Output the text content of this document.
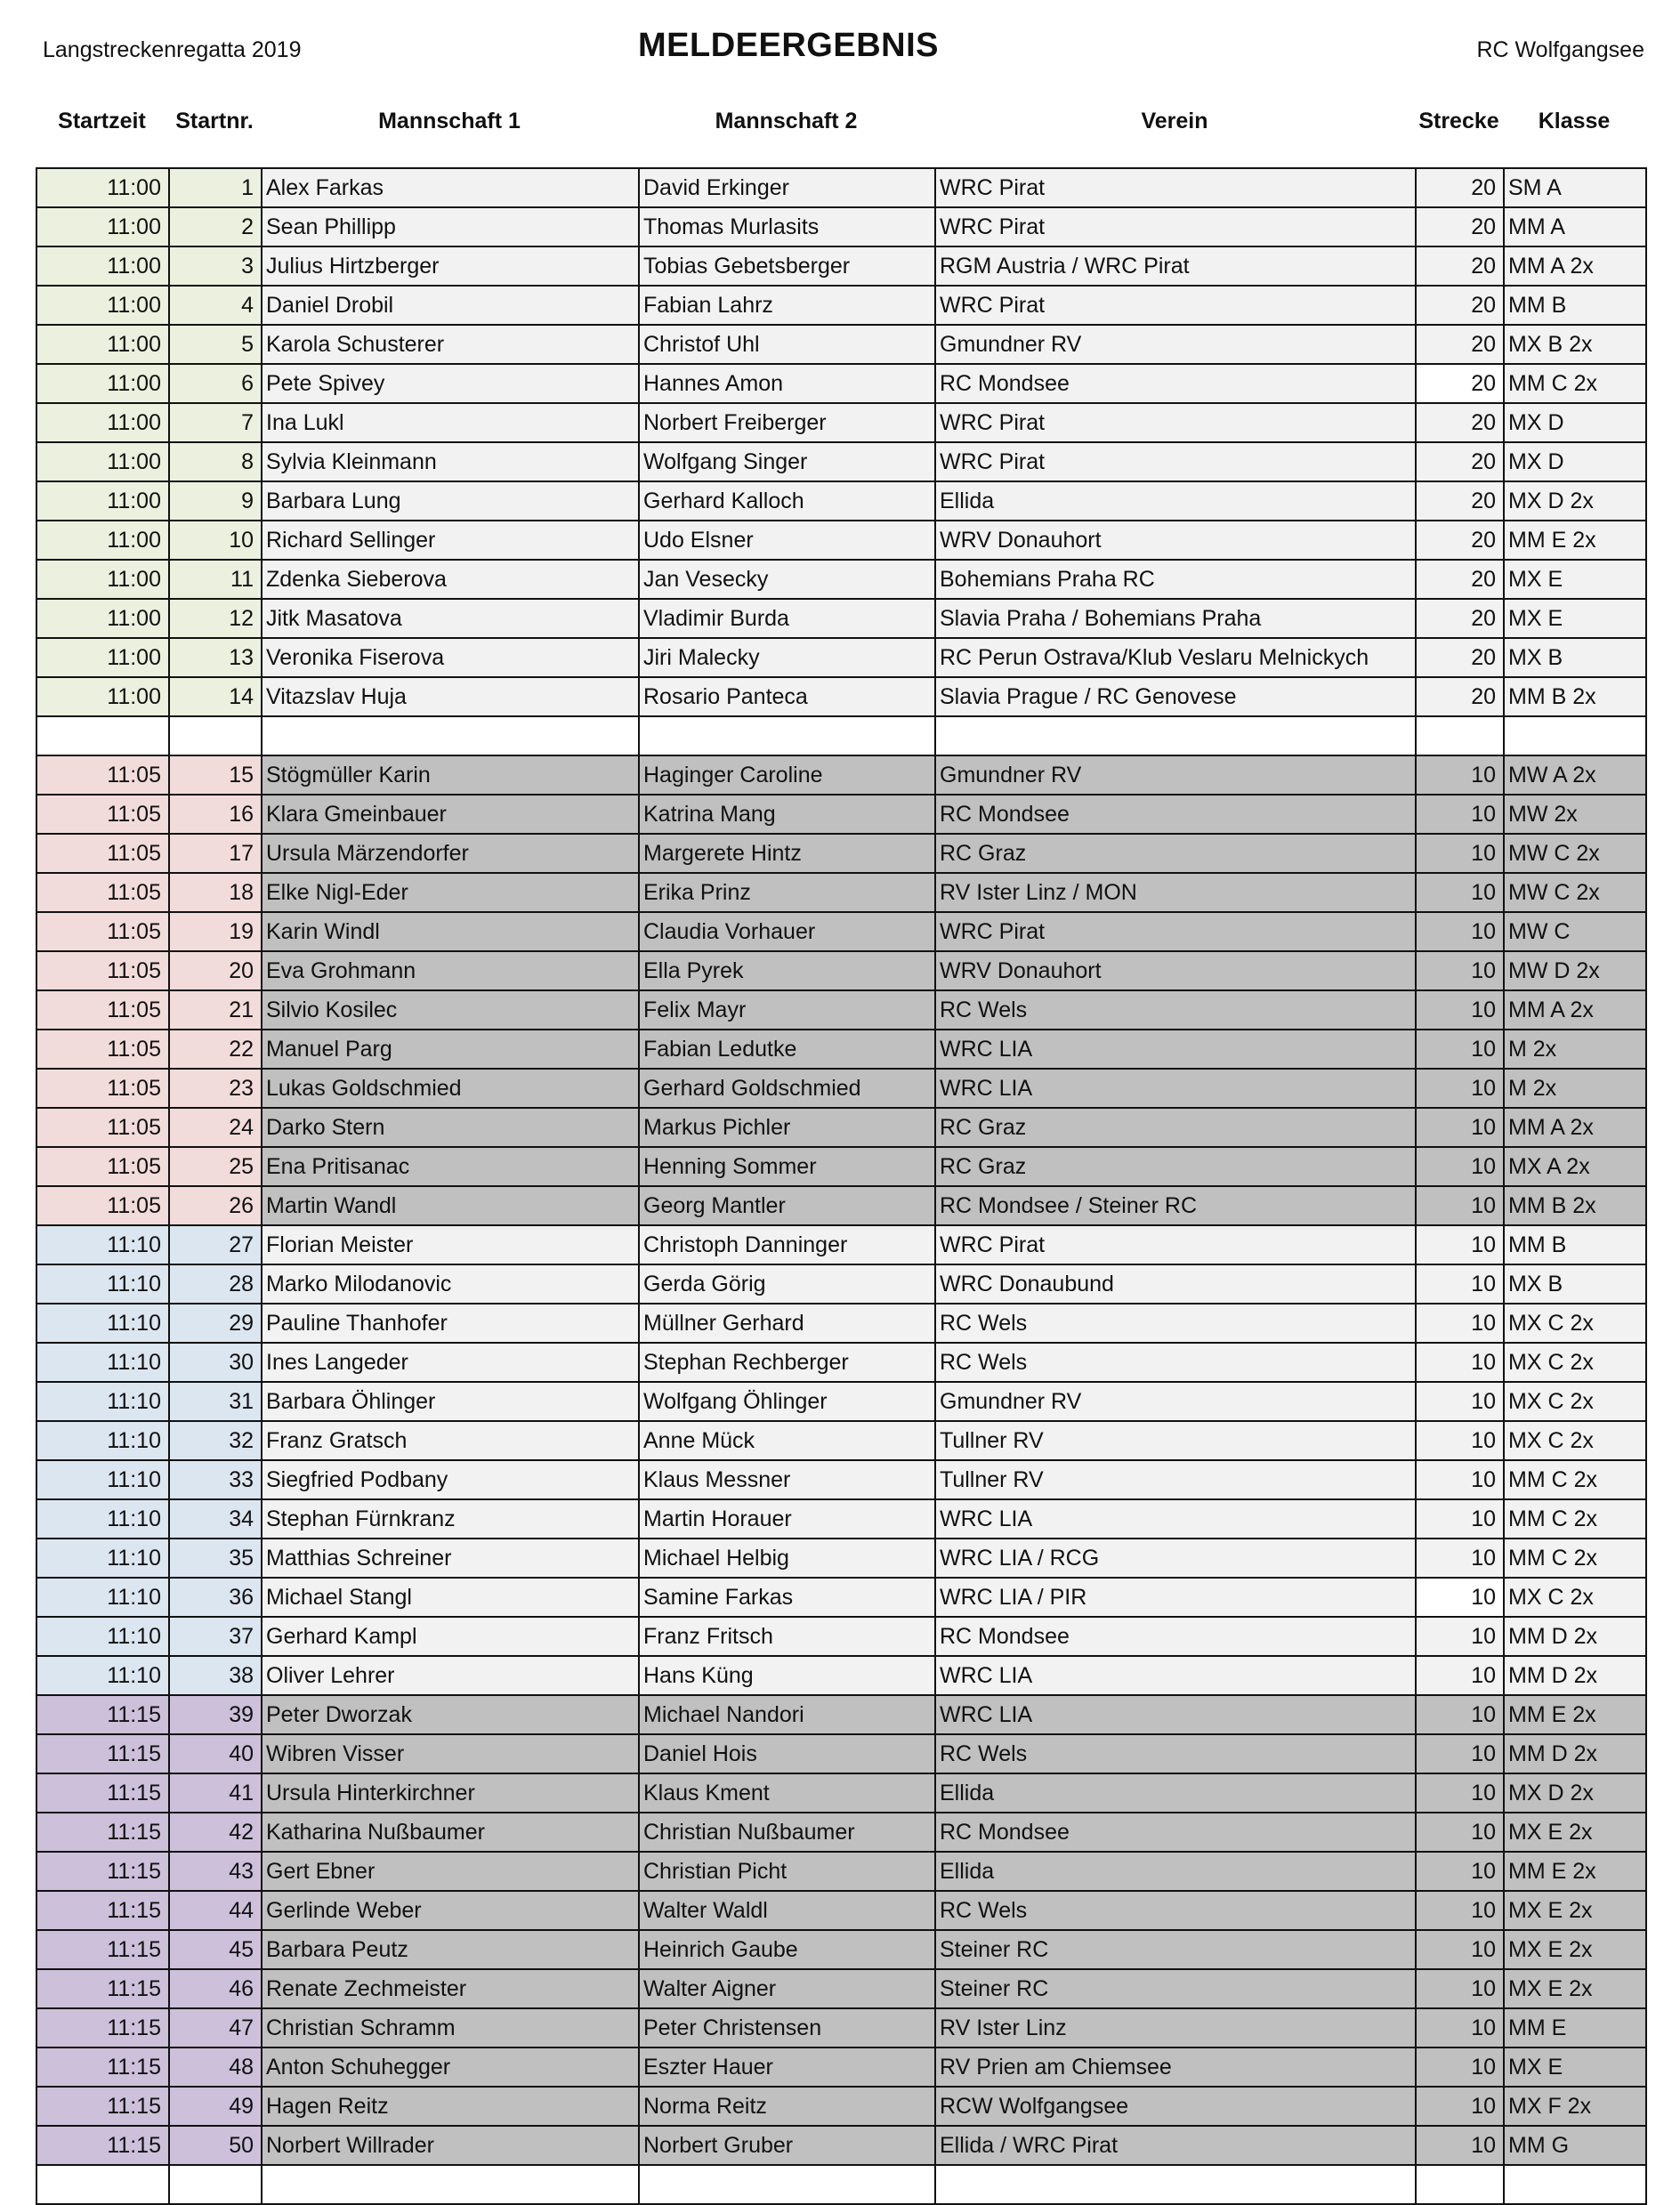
Langstreckenregatta 2019	MELDEERGEBNIS	RC Wolfgangsee
Startzeit	Startnr.	Mannschaft 1	Mannschaft 2	Verein	Strecke	Klasse
11:00	1	Alex Farkas	David Erkinger	WRC Pirat	20	SM A
11:00	2	Sean Phillipp	Thomas Murlasits	WRC Pirat	20	MM A
11:00	3	Julius Hirtzberger	Tobias Gebetsberger	RGM Austria / WRC Pirat	20	MM A 2x
11:00	4	Daniel Drobil	Fabian Lahrz	WRC Pirat	20	MM B
11:00	5	Karola Schusterer	Christof Uhl	Gmundner RV	20	MX B 2x
11:00	6	Pete Spivey	Hannes Amon	RC Mondsee	20	MM C 2x
11:00	7	Ina Lukl	Norbert Freiberger	WRC Pirat	20	MX D
11:00	8	Sylvia Kleinmann	Wolfgang Singer	WRC Pirat	20	MX D
11:00	9	Barbara Lung	Gerhard Kalloch	Ellida	20	MX D 2x
11:00	10	Richard Sellinger	Udo Elsner	WRV Donauhort	20	MM E 2x
11:00	11	Zdenka Sieberova	Jan Vesecky	Bohemians Praha RC	20	MX E
11:00	12	Jitk Masatova	Vladimir Burda	Slavia Praha / Bohemians Praha	20	MX E
11:00	13	Veronika Fiserova	Jiri Malecky	RC Perun Ostrava/Klub Veslaru Melnickych	20	MX B
11:00	14	Vitazslav Huja	Rosario Panteca	Slavia Prague / RC Genovese	20	MM B 2x

11:05	15	Stögmüller Karin	Haginger Caroline	Gmundner RV	10	MW A 2x
11:05	16	Klara Gmeinbauer	Katrina Mang	RC Mondsee	10	MW 2x
11:05	17	Ursula Märzendorfer	Margerete Hintz	RC Graz	10	MW C 2x
11:05	18	Elke Nigl-Eder	Erika Prinz	RV Ister Linz / MON	10	MW C 2x
11:05	19	Karin Windl	Claudia Vorhauer	WRC Pirat	10	MW C
11:05	20	Eva Grohmann	Ella Pyrek	WRV Donauhort	10	MW D 2x
11:05	21	Silvio Kosilec	Felix Mayr	RC Wels	10	MM A 2x
11:05	22	Manuel Parg	Fabian Ledutke	WRC LIA	10	M 2x
11:05	23	Lukas Goldschmied	Gerhard Goldschmied	WRC LIA	10	M 2x
11:05	24	Darko Stern	Markus Pichler	RC Graz	10	MM A 2x
11:05	25	Ena Pritisanac	Henning Sommer	RC Graz	10	MX A 2x
11:05	26	Martin Wandl	Georg Mantler	RC Mondsee / Steiner RC	10	MM B 2x
11:10	27	Florian Meister	Christoph Danninger	WRC Pirat	10	MM B
11:10	28	Marko Milodanovic	Gerda Görig	WRC Donaubund	10	MX B
11:10	29	Pauline Thanhofer	Müllner Gerhard	RC Wels	10	MX C 2x
11:10	30	Ines Langeder	Stephan Rechberger	RC Wels	10	MX C 2x
11:10	31	Barbara Öhlinger	Wolfgang Öhlinger	Gmundner RV	10	MX C 2x
11:10	32	Franz Gratsch	Anne Mück	Tullner RV	10	MX C 2x
11:10	33	Siegfried Podbany	Klaus Messner	Tullner RV	10	MM C 2x
11:10	34	Stephan Fürnkranz	Martin Horauer	WRC LIA	10	MM C 2x
11:10	35	Matthias Schreiner	Michael Helbig	WRC LIA / RCG	10	MM C 2x
11:10	36	Michael Stangl	Samine Farkas	WRC LIA / PIR	10	MX C 2x
11:10	37	Gerhard Kampl	Franz Fritsch	RC Mondsee	10	MM D 2x
11:10	38	Oliver Lehrer	Hans Küng	WRC LIA	10	MM D 2x
11:15	39	Peter Dworzak	Michael Nandori	WRC LIA	10	MM E 2x
11:15	40	Wibren Visser	Daniel Hois	RC Wels	10	MM D 2x
11:15	41	Ursula Hinterkirchner	Klaus Kment	Ellida	10	MX D 2x
11:15	42	Katharina Nußbaumer	Christian Nußbaumer	RC Mondsee	10	MX E 2x
11:15	43	Gert Ebner	Christian Picht	Ellida	10	MM E 2x
11:15	44	Gerlinde Weber	Walter Waldl	RC Wels	10	MX E 2x
11:15	45	Barbara Peutz	Heinrich Gaube	Steiner RC	10	MX E 2x
11:15	46	Renate Zechmeister	Walter Aigner	Steiner RC	10	MX E 2x
11:15	47	Christian Schramm	Peter Christensen	RV Ister Linz	10	MM E
11:15	48	Anton Schuhegger	Eszter Hauer	RV Prien am Chiemsee	10	MX E
11:15	49	Hagen Reitz	Norma Reitz	RCW Wolfgangsee	10	MX F 2x
11:15	50	Norbert Willrader	Norbert Gruber	Ellida / WRC Pirat	10	MM G
